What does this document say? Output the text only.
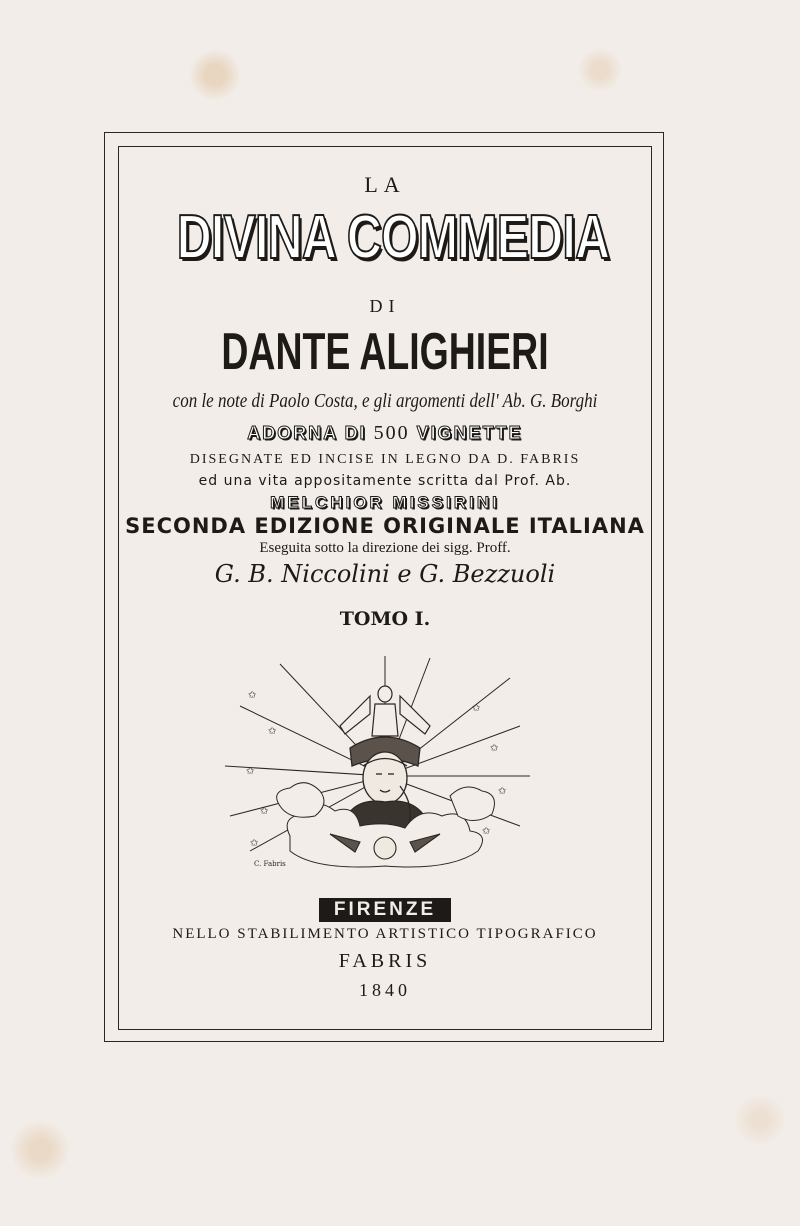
LA
DIVINA COMMEDIA
DI
DANTE ALIGHIERI
con le note di Paolo Costa, e gli argomenti dell' Ab. G. Borghi
ADORNA DI 500 VIGNETTE
DISEGNATE ED INCISE IN LEGNO DA D. FABRIS
ed una vita appositamente scritta dal Prof. Ab.
MELCHIOR MISSIRINI
SECONDA EDIZIONE ORIGINALE ITALIANA
Eseguita sotto la direzione dei sigg. Proff.
G. B. Niccolini e G. Bezzuoli
TOMO I.
✩
✩
✩
✩
✩
✩
✩
✩
✩
C. Fabris
FIRENZE
NELLO STABILIMENTO ARTISTICO TIPOGRAFICO
FABRIS
1840
